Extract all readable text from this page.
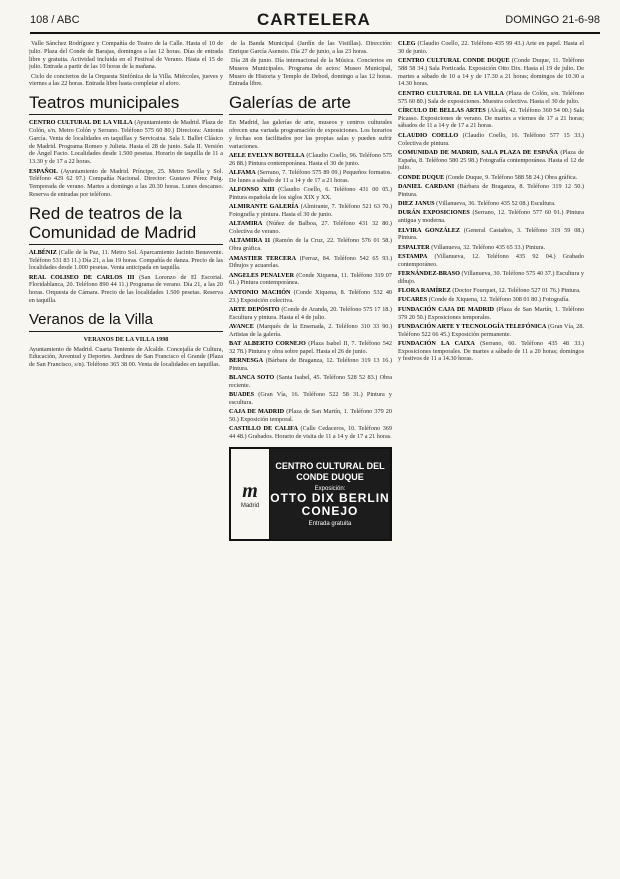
108 / ABC	CARTELERA	DOMINGO 21-6-98

Valle Sánchez Rodríguez y Compañía de Teatro de la Calle. Hasta el 10 de julio. Plaza del Conde de Barajas, domingos a las 12 horas. Días de entrada libre y gratuita. Actividad incluida en el Festival de Verano. Hasta el 15 de julio. Entrada a partir de las 10 horas de la mañana.

Ciclo de conciertos de la Orquesta Sinfónica de la Villa. Miércoles, jueves y viernes a las 22 horas. Entrada libre hasta completar el aforo.

Teatros municipales
CENTRO CULTURAL DE LA VILLA (Ayuntamiento de Madrid. Plaza de Colón, s/n. Metro Colón y Serrano. Teléfono 575 60 80.) Directora: Antonia García. Venta de localidades en taquillas y Servicaixa. Sala I. Ballet Clásico de Madrid. Programa Romeo y Julieta. Hasta el 28 de junio. Sala II. Versión de Ángel Facio. Localidades desde 1.500 pesetas. Horario de taquilla de 11 a 13.30 y de 17 a 22 horas.
ESPAÑOL (Ayuntamiento de Madrid. Príncipe, 25. Metro Sevilla y Sol. Teléfono 429 62 97.) Compañía Nacional. Director: Gustavo Pérez Puig. Temporada de verano. Martes a domingo a las 20.30 horas. Lunes descanso. Reserva de entradas por teléfono.
Red de teatros de la Comunidad de Madrid
ALBÉNIZ (Calle de la Paz, 11. Metro Sol. Aparcamiento Jacinto Benavente. Teléfono 531 83 11.) Día 21, a las 19 horas. Compañía de danza. Precio de las localidades desde 1.000 pesetas. Venta anticipada en taquilla.
REAL COLISEO DE CARLOS III (San Lorenzo de El Escorial. Floridablanca, 20. Teléfono 890 44 11.) Programa de verano. Día 21, a las 20 horas. Orquesta de Cámara. Precio de las localidades 1.500 pesetas. Reserva en taquilla.
Veranos de la Villa
VERANOS DE LA VILLA 1998
Ayuntamiento de Madrid. Cuarta Teniente de Alcalde. Concejalía de Cultura, Educación, Juventud y Deportes. Jardines de San Francisco el Grande (Plaza de San Francisco, s/n). Teléfono 365 38 00. Venta de localidades en taquillas.

de la Banda Municipal (Jardín de las Vistillas). Dirección: Enrique García Asensio. Día 27 de junio, a las 23 horas.

Día 28 de junio. Día internacional de la Música. Conciertos en Museos Municipales. Programa de actos: Museo Municipal, Museo de Historia y Templo de Debod, domingo a las 12 horas. Entrada libre.

Galerías de arte
En Madrid, las galerías de arte, museos y centros culturales ofrecen una variada programación de exposiciones. Los horarios y fechas son facilitados por las propias salas y pueden sufrir variaciones.
AELE EVELYN BOTELLA (Claudio Coello, 96. Teléfono 575 26 88.) Pintura contemporánea. Hasta el 30 de junio.
ALFAMA (Serrano, 7. Teléfono 575 89 09.) Pequeños formatos. De lunes a sábado de 11 a 14 y de 17 a 21 horas.
ALFONSO XIII (Claudio Coello, 6. Teléfono 431 00 05.) Pintura española de los siglos XIX y XX.
ALMIRANTE GALERÍA (Almirante, 7. Teléfono 521 63 70.) Fotografía y pintura. Hasta el 30 de junio.
ALTAMIRA (Núñez de Balboa, 27. Teléfono 431 32 80.) Colectiva de verano.
ALTAMIRA 11 (Ramón de la Cruz, 22. Teléfono 576 01 58.) Obra gráfica.
AMASTIER TERCERA (Ferraz, 84. Teléfono 542 65 93.) Dibujos y acuarelas.
ANGELES PENALVER (Conde Xiquena, 11. Teléfono 319 07 61.) Pintura contemporánea.
ANTONIO MACHÓN (Conde Xiquena, 8. Teléfono 532 40 23.) Exposición colectiva.
ARTE DEPÓSITO (Conde de Aranda, 20. Teléfono 575 17 18.) Escultura y pintura. Hasta el 4 de julio.
AVANCE (Marqués de la Ensenada, 2. Teléfono 310 33 90.) Artistas de la galería.
BAT ALBERTO CORNEJO (Plaza Isabel II, 7. Teléfono 542 32 78.) Pintura y obra sobre papel. Hasta el 26 de junio.
BERNESGA (Bárbara de Braganza, 12. Teléfono 319 13 16.) Pintura.
BLANCA SOTO (Santa Isabel, 45. Teléfono 528 52 83.) Obra reciente.
BUADES (Gran Vía, 16. Teléfono 522 58 31.) Pintura y escultura.
CAJA DE MADRID (Plaza de San Martín, 1. Teléfono 379 20 50.) Exposición temporal.
CASTILLO DE CALIFA (Calle Cedaceros, 10. Teléfono 369 44 48.) Grabados. Horario de visita de 11 a 14 y de 17 a 21 horas.
m
Madrid
CENTRO CULTURAL DEL CONDE DUQUE
Exposición:
OTTO DIX BERLIN CONEJO
Entrada gratuita
CLEG (Claudio Coello, 22. Teléfono 435 99 43.) Arte en papel. Hasta el 30 de junio.
CENTRO CULTURAL CONDE DUQUE (Conde Duque, 11. Teléfono 588 58 34.) Sala Porticada. Exposición Otto Dix. Hasta el 19 de julio. De martes a sábado de 10 a 14 y de 17.30 a 21 horas; domingos de 10.30 a 14.30 horas.
CENTRO CULTURAL DE LA VILLA (Plaza de Colón, s/n. Teléfono 575 60 80.) Sala de exposiciones. Muestra colectiva. Hasta el 30 de julio.
CÍRCULO DE BELLAS ARTES (Alcalá, 42. Teléfono 360 54 00.) Sala Picasso. Exposiciones de verano. De martes a viernes de 17 a 21 horas; sábados de 11 a 14 y de 17 a 21 horas.
CLAUDIO COELLO (Claudio Coello, 16. Teléfono 577 15 33.) Colectiva de pintura.
COMUNIDAD DE MADRID, SALA PLAZA DE ESPAÑA (Plaza de España, 8. Teléfono 580 25 98.) Fotografía contemporánea. Hasta el 12 de julio.
CONDE DUQUE (Conde Duque, 9. Teléfono 588 58 24.) Obra gráfica.
DANIEL CARDANI (Bárbara de Braganza, 8. Teléfono 319 12 50.) Pintura.
DIEZ JANUS (Villanueva, 36. Teléfono 435 52 08.) Escultura.
DURÁN EXPOSICIONES (Serrano, 12. Teléfono 577 60 91.) Pintura antigua y moderna.
ELVIRA GONZÁLEZ (General Castaños, 3. Teléfono 319 59 08.) Pintura.
ESPALTER (Villanueva, 32. Teléfono 435 65 33.) Pintura.
ESTAMPA (Villanueva, 12. Teléfono 435 92 04.) Grabado contemporáneo.
FERNÁNDEZ-BRASO (Villanueva, 30. Teléfono 575 40 37.) Escultura y dibujo.
FLORA RAMÍREZ (Doctor Fourquet, 12. Teléfono 527 01 76.) Pintura.
FUCARES (Conde de Xiquena, 12. Teléfono 308 01 80.) Fotografía.
FUNDACIÓN CAJA DE MADRID (Plaza de San Martín, 1. Teléfono 379 20 50.) Exposiciones temporales.
FUNDACIÓN ARTE Y TECNOLOGÍA TELEFÓNICA (Gran Vía, 28. Teléfono 522 66 45.) Exposición permanente.
FUNDACIÓN LA CAIXA (Serrano, 60. Teléfono 435 48 33.) Exposiciones temporales. De martes a sábado de 11 a 20 horas; domingos y festivos de 11 a 14.30 horas.
